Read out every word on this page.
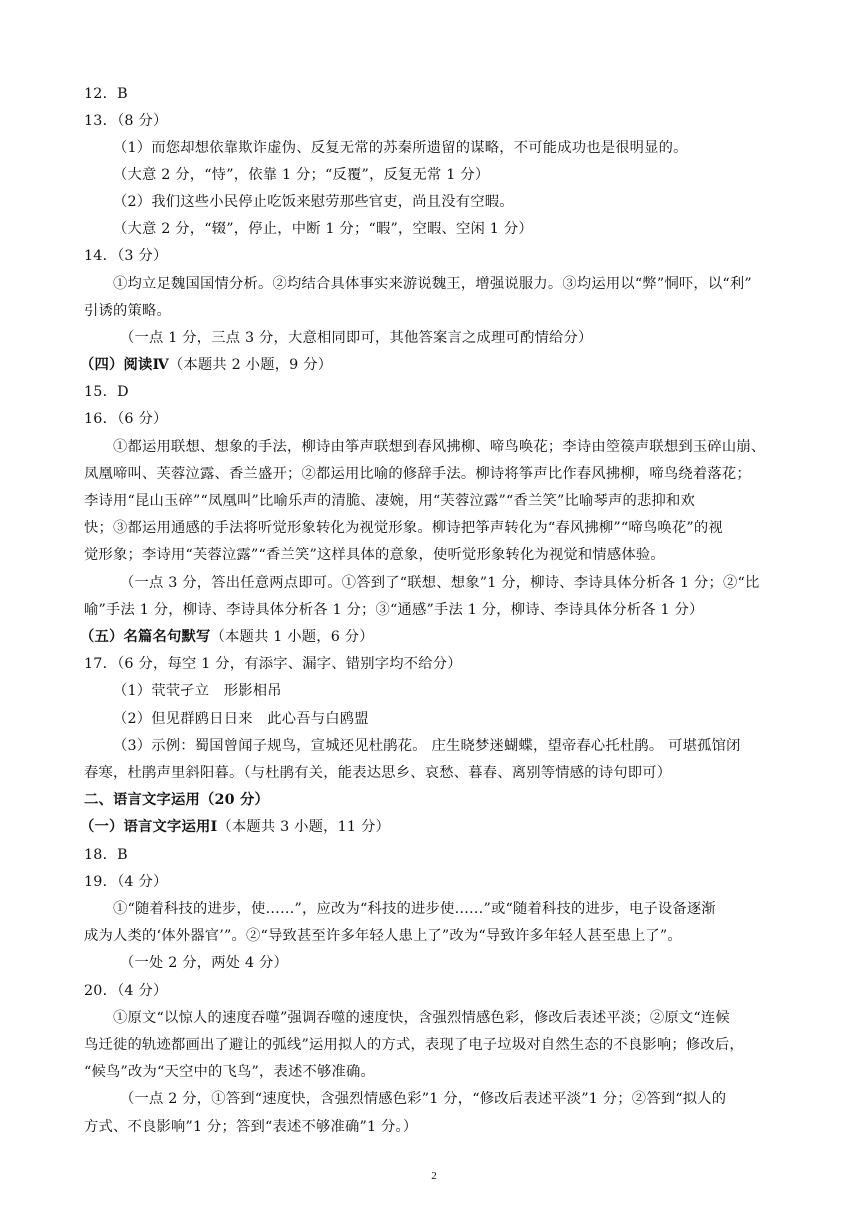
12．B
13．（8 分）
（1）而您却想依靠欺诈虚伪、反复无常的苏秦所遗留的谋略，不可能成功也是很明显的。
（大意 2 分，“恃”，依靠 1 分；“反覆”，反复无常 1 分）
（2）我们这些小民停止吃饭来慰劳那些官吏，尚且没有空暇。
（大意 2 分，“辍”，停止，中断 1 分；“暇”，空暇、空闲 1 分）
14．（3 分）
①均立足魏国国情分析。②均结合具体事实来游说魏王，增强说服力。③均运用以“弊”恫吓，以“利”
引诱的策略。
（一点 1 分，三点 3 分，大意相同即可，其他答案言之成理可酌情给分）
（四）阅读Ⅳ（本题共 2 小题，9 分）
15．D
16．（6 分）
①都运用联想、想象的手法，柳诗由筝声联想到春风拂柳、啼鸟唤花；李诗由箜篌声联想到玉碎山崩、
凤凰啼叫、芙蓉泣露、香兰盛开；②都运用比喻的修辞手法。柳诗将筝声比作春风拂柳，啼鸟绕着落花；
李诗用“昆山玉碎”“凤凰叫”比喻乐声的清脆、凄婉，用“芙蓉泣露”“香兰笑”比喻琴声的悲抑和欢
快；③都运用通感的手法将听觉形象转化为视觉形象。柳诗把筝声转化为“春风拂柳”“啼鸟唤花”的视
觉形象；李诗用“芙蓉泣露”“香兰笑”这样具体的意象，使听觉形象转化为视觉和情感体验。
（一点 3 分，答出任意两点即可。①答到了“联想、想象”1 分，柳诗、李诗具体分析各 1 分；②“比
喻”手法 1 分，柳诗、李诗具体分析各 1 分；③“通感”手法 1 分，柳诗、李诗具体分析各 1 分）
（五）名篇名句默写（本题共 1 小题，6 分）
17．（6 分，每空 1 分，有添字、漏字、错别字均不给分）
（1）茕茕孑立　形影相吊
（2）但见群鸥日日来　此心吾与白鸥盟
（3）示例：蜀国曾闻子规鸟，宣城还见杜鹃花。 庄生晓梦迷蝴蝶，望帝春心托杜鹃。 可堪孤馆闭
春寒，杜鹃声里斜阳暮。（与杜鹃有关，能表达思乡、哀愁、暮春、离别等情感的诗句即可）
二、语言文字运用（20 分）
（一）语言文字运用Ⅰ（本题共 3 小题，11 分）
18．B
19．（4 分）
①“随着科技的进步，使……”，应改为“科技的进步使……”或“随着科技的进步，电子设备逐渐
成为人类的‘体外器官’”。②“导致甚至许多年轻人患上了”改为“导致许多年轻人甚至患上了”。
（一处 2 分，两处 4 分）
20．（4 分）
①原文“以惊人的速度吞噬”强调吞噬的速度快，含强烈情感色彩，修改后表述平淡；②原文“连候
鸟迁徙的轨迹都画出了避让的弧线”运用拟人的方式，表现了电子垃圾对自然生态的不良影响；修改后，
“候鸟”改为“天空中的飞鸟”，表述不够准确。
（一点 2 分，①答到“速度快，含强烈情感色彩”1 分，“修改后表述平淡”1 分；②答到“拟人的
方式、不良影响”1 分；答到“表述不够准确”1 分。）
2
